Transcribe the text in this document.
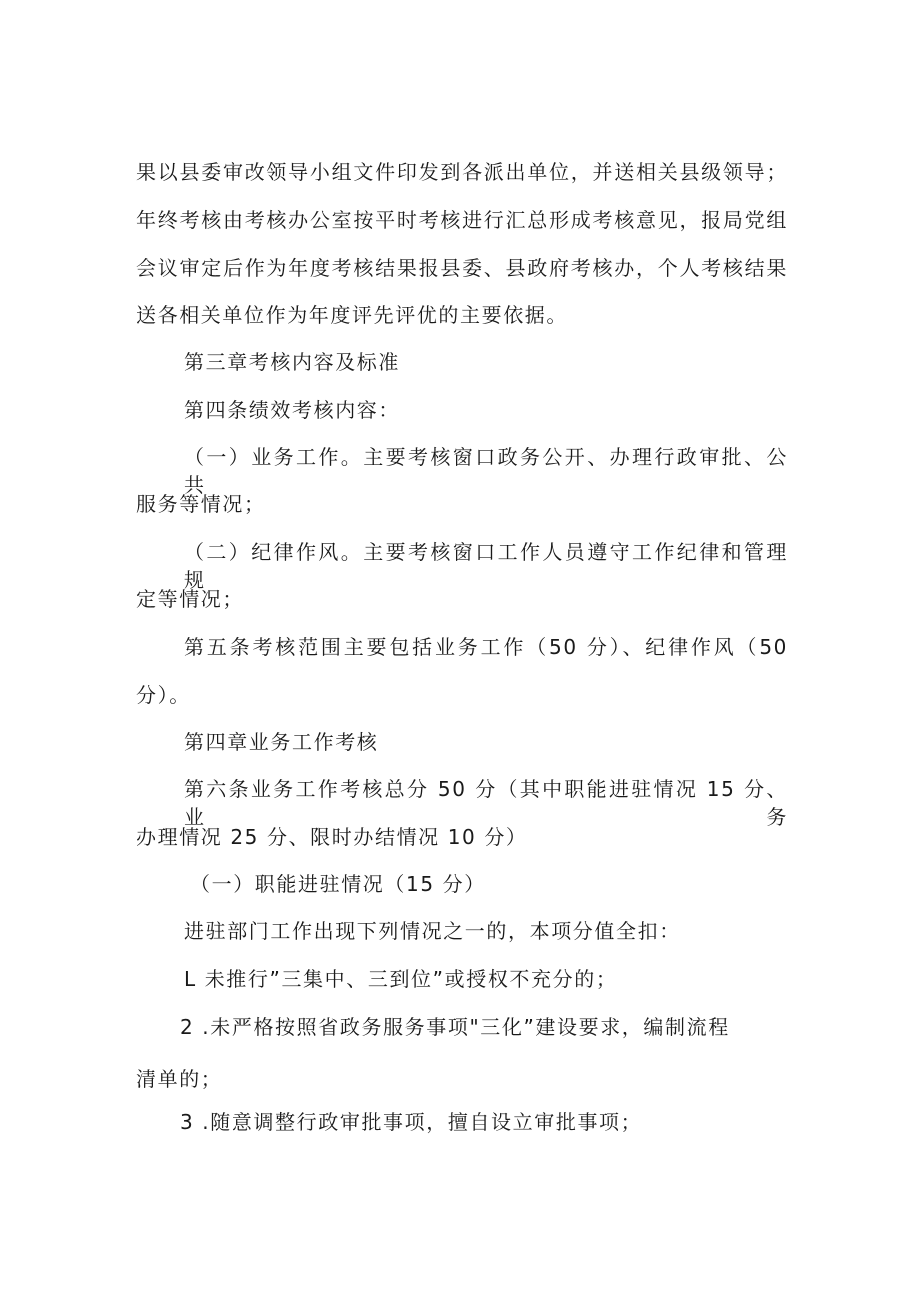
果以县委审改领导小组文件印发到各派出单位，并送相关县级领导；
年终考核由考核办公室按平时考核进行汇总形成考核意见，报局党组
会议审定后作为年度考核结果报县委、县政府考核办，个人考核结果
送各相关单位作为年度评先评优的主要依据。
第三章考核内容及标准
第四条绩效考核内容：
（一）业务工作。主要考核窗口政务公开、办理行政审批、公共
服务等情况；
（二）纪律作风。主要考核窗口工作人员遵守工作纪律和管理规
定等情况；
第五条考核范围主要包括业务工作（50 分）、纪律作风（50
分）。
第四章业务工作考核
第六条业务工作考核总分 50 分（其中职能进驻情况 15 分、业务
办理情况 25 分、限时办结情况 10 分）
（一）职能进驻情况（15 分）
进驻部门工作出现下列情况之一的，本项分值全扣：
L 未推行”三集中、三到位”或授权不充分的；
2 .未严格按照省政务服务事项"三化”建设要求，编制流程
清单的；
3 .随意调整行政审批事项，擅自设立审批事项；
